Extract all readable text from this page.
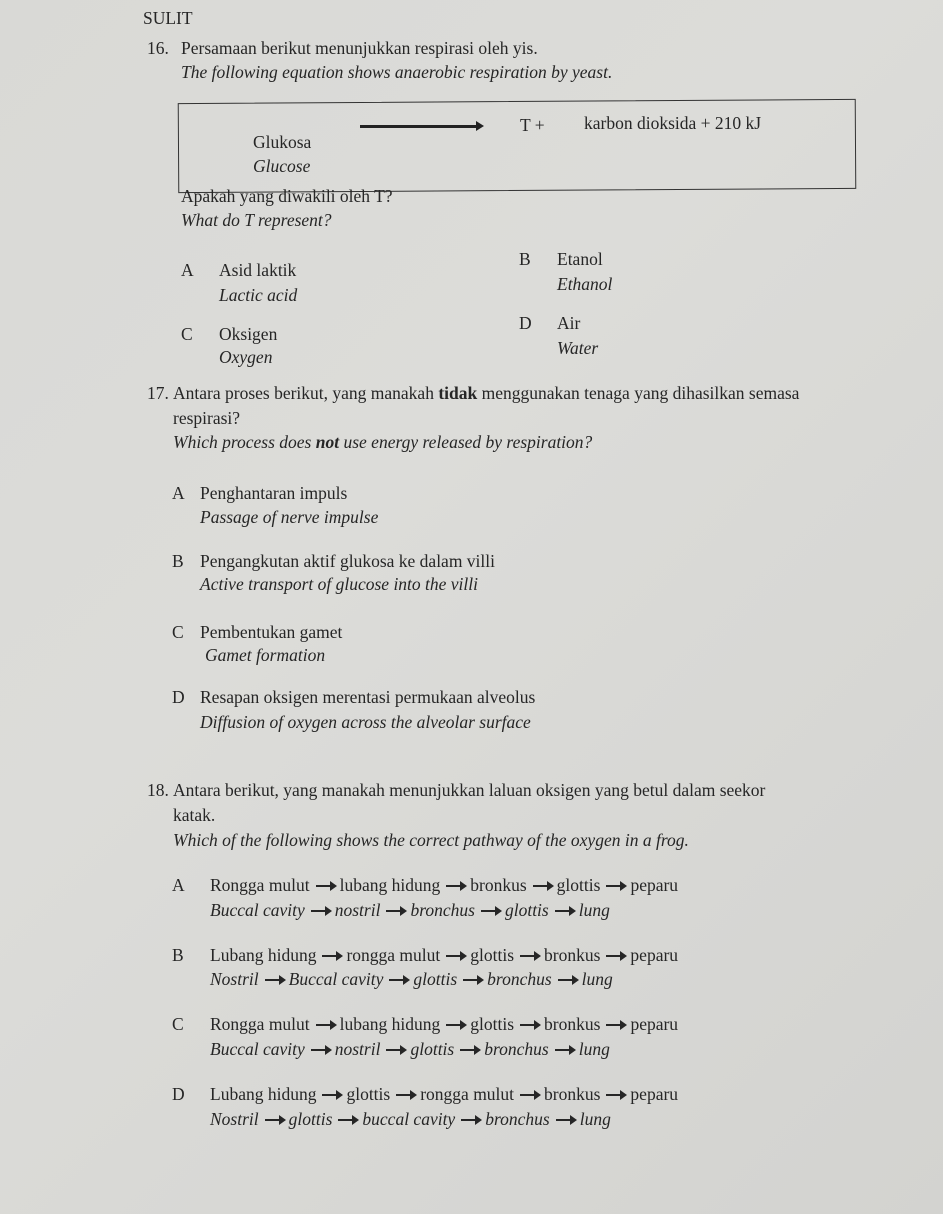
SULIT
16. Persamaan berikut menunjukkan respirasi oleh yis.
The following equation shows anaerobic respiration by yeast.
Glukosa
Glucose
T + karbon dioksida + 210 kJ
Apakah yang diwakili oleh T?
What do T represent?
A Asid laktik
Lactic acid
B Etanol
Ethanol
C Oksigen
Oxygen
D Air
Water
17. Antara proses berikut, yang manakah tidak menggunakan tenaga yang dihasilkan semasa
respirasi?
Which process does not use energy released by respiration?
A Penghantaran impuls
Passage of nerve impulse
B Pengangkutan aktif glukosa ke dalam villi
Active transport of glucose into the villi
C Pembentukan gamet
Gamet formation
D Resapan oksigen merentasi permukaan alveolus
Diffusion of oxygen across the alveolar surface
18. Antara berikut, yang manakah menunjukkan laluan oksigen yang betul dalam seekor
katak.
Which of the following shows the correct pathway of the oxygen in a frog.
A Rongga mulut lubang hidung bronkus glottis peparu
Buccal cavity nostril bronchus glottis lung
B Lubang hidung rongga mulut glottis bronkus peparu
Nostril Buccal cavity glottis bronchus lung
C Rongga mulut lubang hidung glottis bronkus peparu
Buccal cavity nostril glottis bronchus lung
D Lubang hidung glottis rongga mulut bronkus peparu
Nostril glottis buccal cavity bronchus lung
